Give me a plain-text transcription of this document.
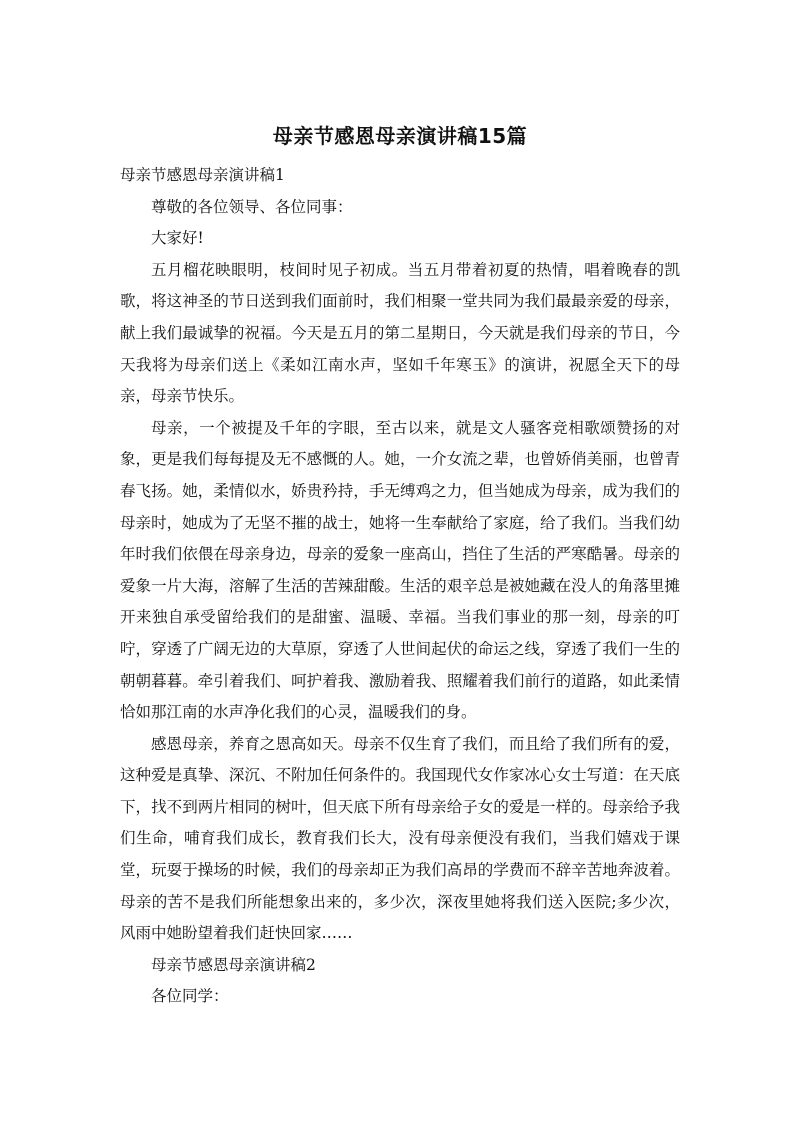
母亲节感恩母亲演讲稿15篇

母亲节感恩母亲演讲稿1

尊敬的各位领导、各位同事：

大家好!

五月榴花映眼明，枝间时见子初成。当五月带着初夏的热情，唱着晚春的凯歌，将这神圣的节日送到我们面前时，我们相聚一堂共同为我们最最亲爱的母亲，献上我们最诚挚的祝福。今天是五月的第二星期日，今天就是我们母亲的节日，今天我将为母亲们送上《柔如江南水声，坚如千年寒玉》的演讲，祝愿全天下的母亲，母亲节快乐。

母亲，一个被提及千年的字眼，至古以来，就是文人骚客竞相歌颂赞扬的对象，更是我们每每提及无不感慨的人。她，一介女流之辈，也曾娇俏美丽，也曾青春飞扬。她，柔情似水，娇贵矜持，手无缚鸡之力，但当她成为母亲，成为我们的母亲时，她成为了无坚不摧的战士，她将一生奉献给了家庭，给了我们。当我们幼年时我们依偎在母亲身边，母亲的爱象一座高山，挡住了生活的严寒酷暑。母亲的爱象一片大海，溶解了生活的苦辣甜酸。生活的艰辛总是被她藏在没人的角落里摊开来独自承受留给我们的是甜蜜、温暖、幸福。当我们事业的那一刻，母亲的叮咛，穿透了广阔无边的大草原，穿透了人世间起伏的命运之线，穿透了我们一生的朝朝暮暮。牵引着我们、呵护着我、激励着我、照耀着我们前行的道路，如此柔情恰如那江南的水声净化我们的心灵，温暖我们的身。

感恩母亲，养育之恩高如天。母亲不仅生育了我们，而且给了我们所有的爱，这种爱是真挚、深沉、不附加任何条件的。我国现代女作家冰心女士写道：在天底下，找不到两片相同的树叶，但天底下所有母亲给子女的爱是一样的。母亲给予我们生命，哺育我们成长，教育我们长大，没有母亲便没有我们，当我们嬉戏于课堂，玩耍于操场的时候，我们的母亲却正为我们高昂的学费而不辞辛苦地奔波着。母亲的苦不是我们所能想象出来的，多少次，深夜里她将我们送入医院;多少次，风雨中她盼望着我们赶快回家……

母亲节感恩母亲演讲稿2

各位同学：
